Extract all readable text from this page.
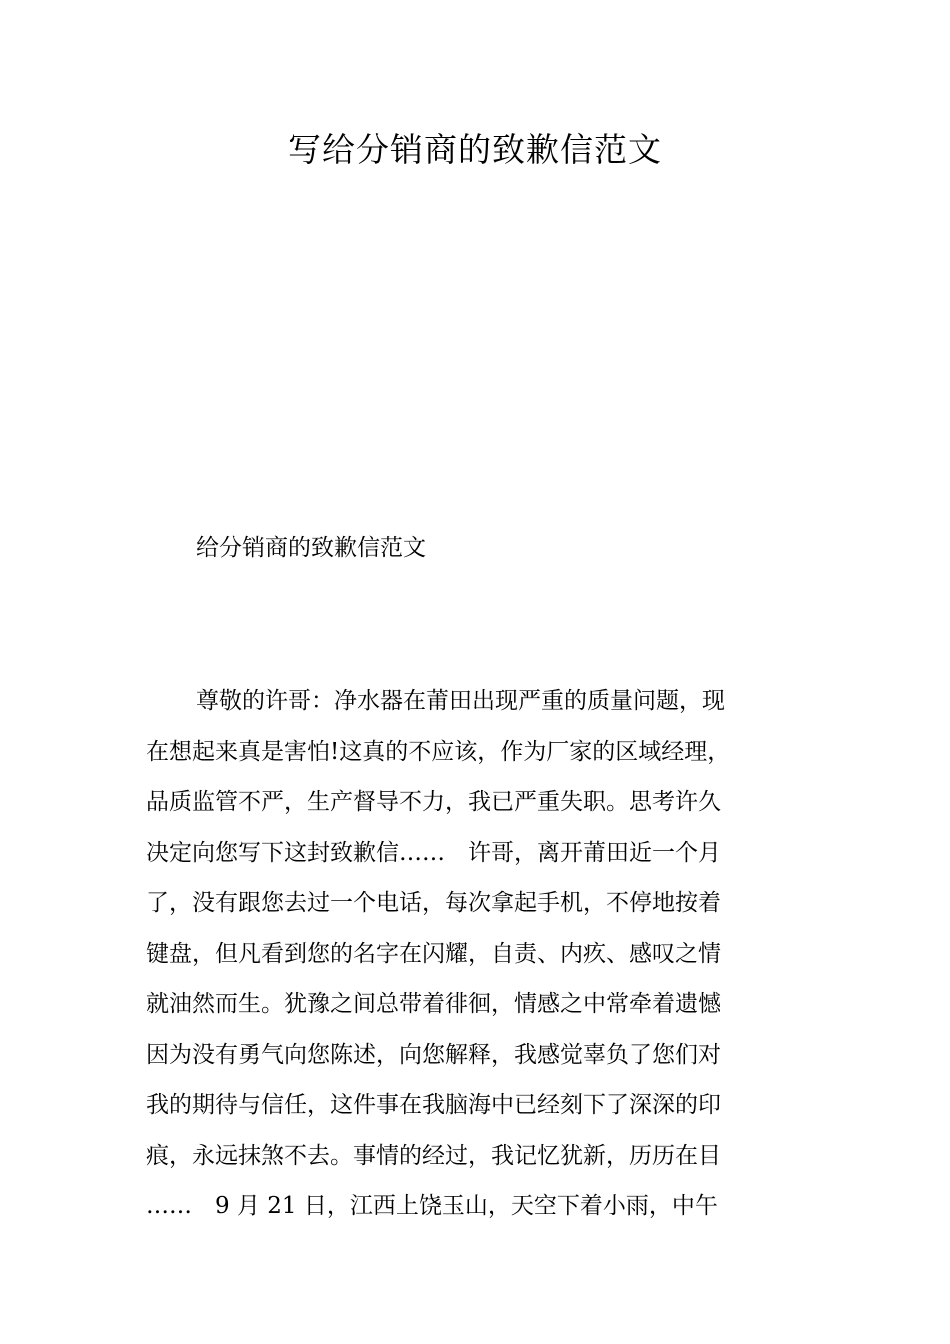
写给分销商的致歉信范文

给分销商的致歉信范文

尊敬的许哥：净水器在莆田出现严重的质量问题，现
在想起来真是害怕!这真的不应该，作为厂家的区域经理，
品质监管不严，生产督导不力，我已严重失职。思考许久
决定向您写下这封致歉信……　许哥，离开莆田近一个月
了，没有跟您去过一个电话，每次拿起手机，不停地按着
键盘，但凡看到您的名字在闪耀，自责、内疚、感叹之情
就油然而生。犹豫之间总带着徘徊，情感之中常牵着遗憾
因为没有勇气向您陈述，向您解释，我感觉辜负了您们对
我的期待与信任，这件事在我脑海中已经刻下了深深的印
痕，永远抹煞不去。事情的经过，我记忆犹新，历历在目
……　9 月 21 日，江西上饶玉山，天空下着小雨，中午
